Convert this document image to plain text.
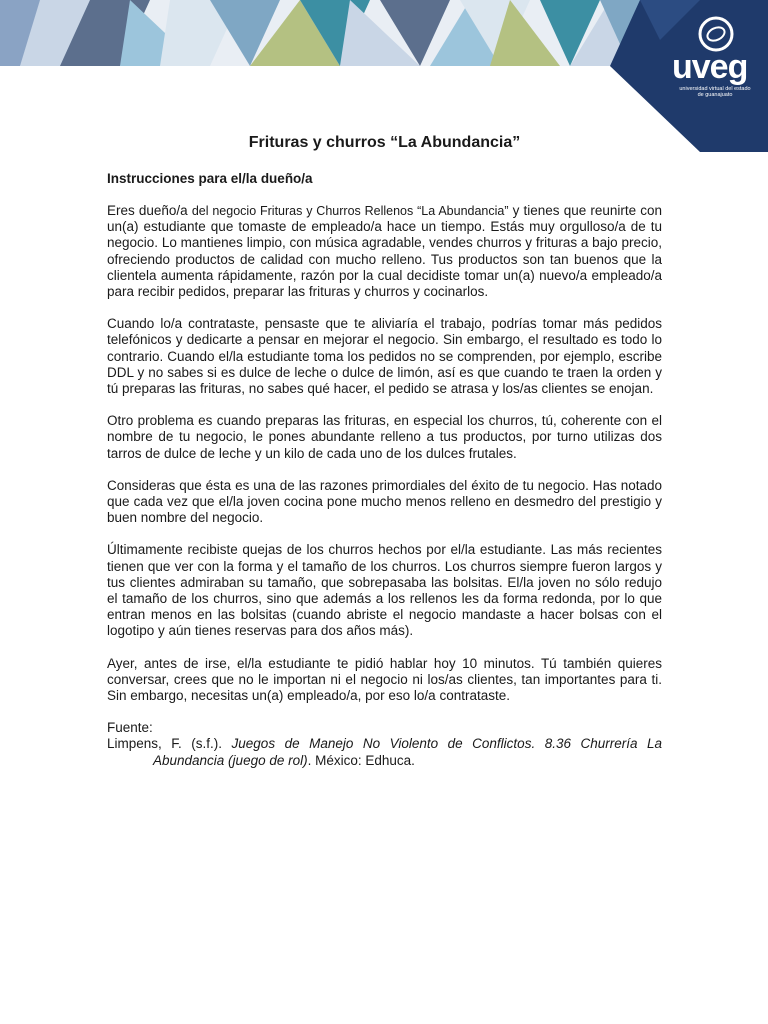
uveg
universidad virtual del estado de guanajuato
Frituras y churros “La Abundancia”

Instrucciones para el/la dueño/a

Eres dueño/a del negocio Frituras y Churros Rellenos “La Abundancia” y tienes que reunirte con un(a) estudiante que tomaste de empleado/a hace un tiempo. Estás muy orgulloso/a de tu negocio. Lo mantienes limpio, con música agradable, vendes churros y frituras a bajo precio, ofreciendo productos de calidad con mucho relleno. Tus productos son tan buenos que la clientela aumenta rápidamente, razón por la cual decidiste tomar un(a) nuevo/a empleado/a para recibir pedidos, preparar las frituras y churros y cocinarlos.

Cuando lo/a contrataste, pensaste que te aliviaría el trabajo, podrías tomar más pedidos telefónicos y dedicarte a pensar en mejorar el negocio. Sin embargo, el resultado es todo lo contrario. Cuando el/la estudiante toma los pedidos no se comprenden, por ejemplo, escribe DDL y no sabes si es dulce de leche o dulce de limón, así es que cuando te traen la orden y tú preparas las frituras, no sabes qué hacer, el pedido se atrasa y los/as clientes se enojan.

Otro problema es cuando preparas las frituras, en especial los churros, tú, coherente con el nombre de tu negocio, le pones abundante relleno a tus productos, por turno utilizas dos tarros de dulce de leche y un kilo de cada uno de los dulces frutales.

Consideras que ésta es una de las razones primordiales del éxito de tu negocio. Has notado que cada vez que el/la joven cocina pone mucho menos relleno en desmedro del prestigio y buen nombre del negocio.

Últimamente recibiste quejas de los churros hechos por el/la estudiante. Las más recientes tienen que ver con la forma y el tamaño de los churros. Los churros siempre fueron largos y tus clientes admiraban su tamaño, que sobrepasaba las bolsitas. El/la joven no sólo redujo el tamaño de los churros, sino que además a los rellenos les da forma redonda, por lo que entran menos en las bolsitas (cuando abriste el negocio mandaste a hacer bolsas con el logotipo y aún tienes reservas para dos años más).

Ayer, antes de irse, el/la estudiante te pidió hablar hoy 10 minutos. Tú también quieres conversar, crees que no le importan ni el negocio ni los/as clientes, tan importantes para ti. Sin embargo, necesitas un(a) empleado/a, por eso lo/a contrataste.

Fuente:

Limpens, F. (s.f.). Juegos de Manejo No Violento de Conflictos. 8.36 Churrería La Abundancia (juego de rol). México: Edhuca.
